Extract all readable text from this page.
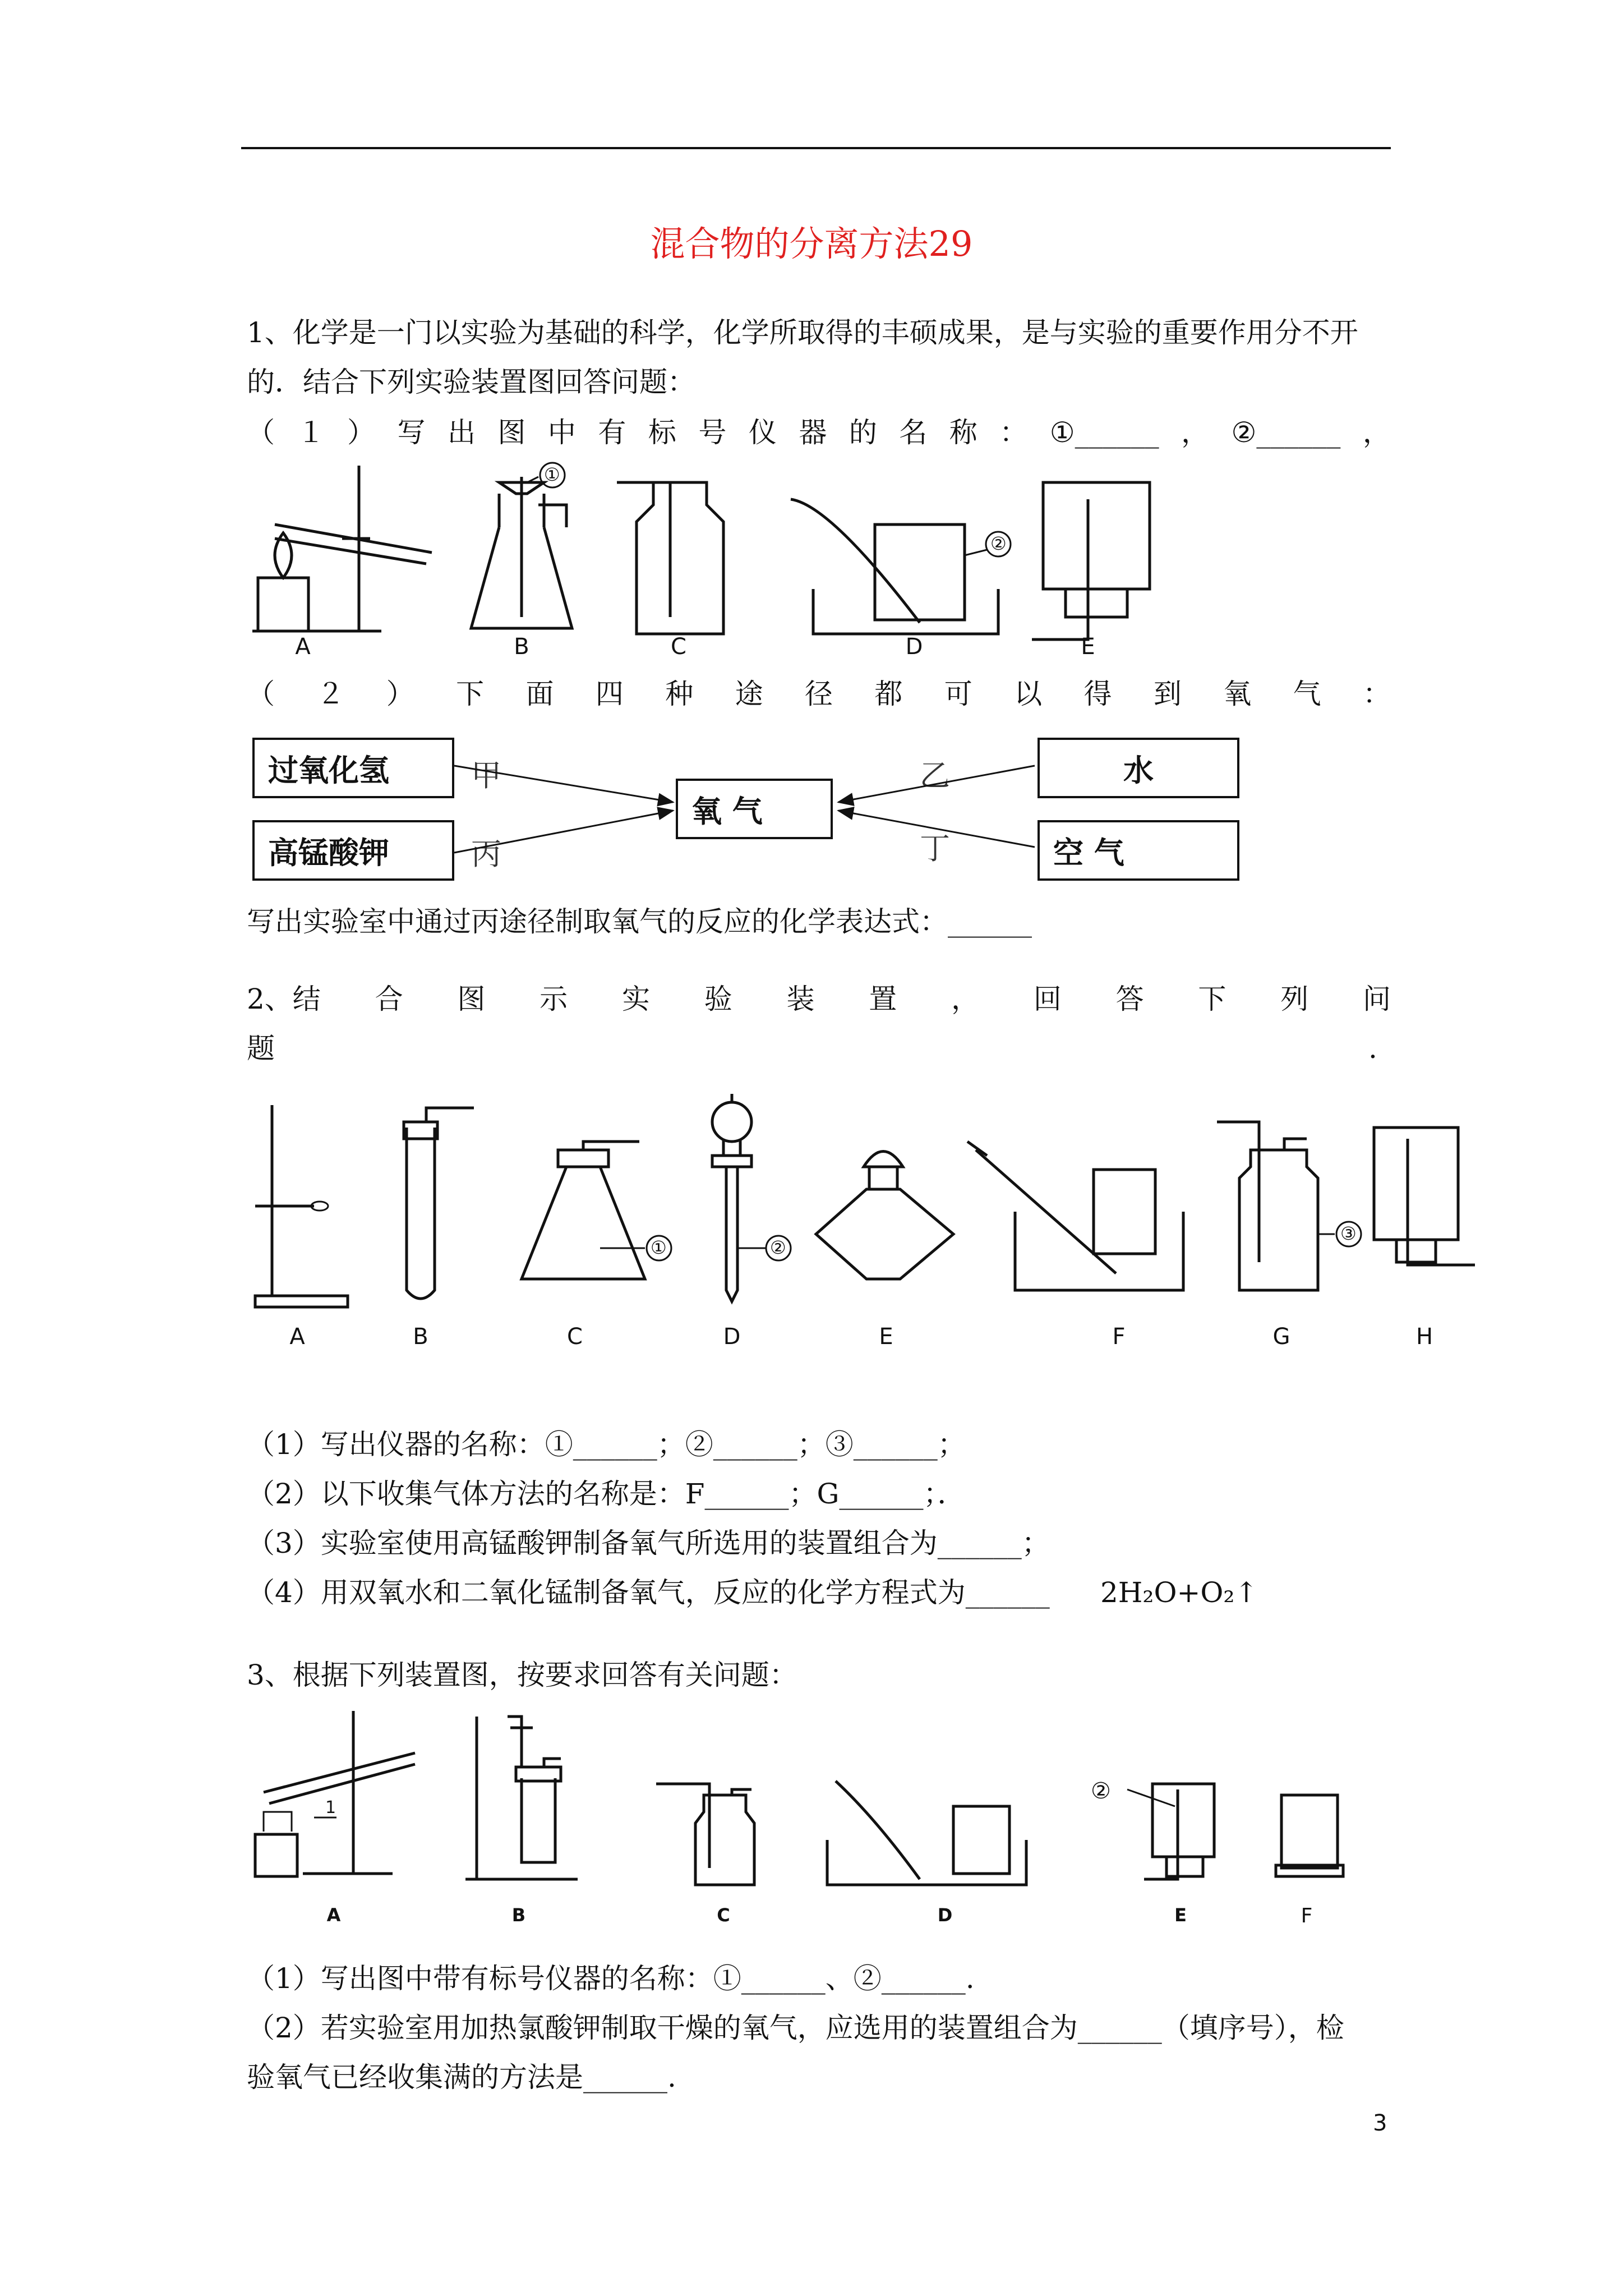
混合物的分离方法29
1、化学是一门以实验为基础的科学，化学所取得的丰硕成果，是与实验的重要作用分不开
的．结合下列实验装置图回答问题：
（ １ ） 写 出 图 中 有 标 号 仪 器 的 名 称 ： ①______ ， ②______ ，
A	B	C	D	E
（ ２ ） 下 面 四 种 途 径 都 可 以 得 到 氧 气 ：
过氧化氢
高锰酸钾
氧 气
水
空 气
甲
丙
乙
丁
写出实验室中通过丙途径制取氧气的反应的化学表达式：______
2、结 合 图 示 实 验 装 置 ， 回 答 下 列 问
题	.
A	B	C	D	E	F	G	H
（1）写出仪器的名称：①______；②______；③______；
（2）以下收集气体方法的名称是：F______；G______；．
（3）实验室使用高锰酸钾制备氧气所选用的装置组合为______；
（4）用双氧水和二氧化锰制备氧气，反应的化学方程式为______ 2H₂O+O₂↑
3、根据下列装置图，按要求回答有关问题：
1
②
A	B	C	D	E	F
（1）写出图中带有标号仪器的名称：①______、②______.
（2）若实验室用加热氯酸钾制取干燥的氧气，应选用的装置组合为______（填序号），检
验氧气已经收集满的方法是______.
①
②
①	②
③
3
